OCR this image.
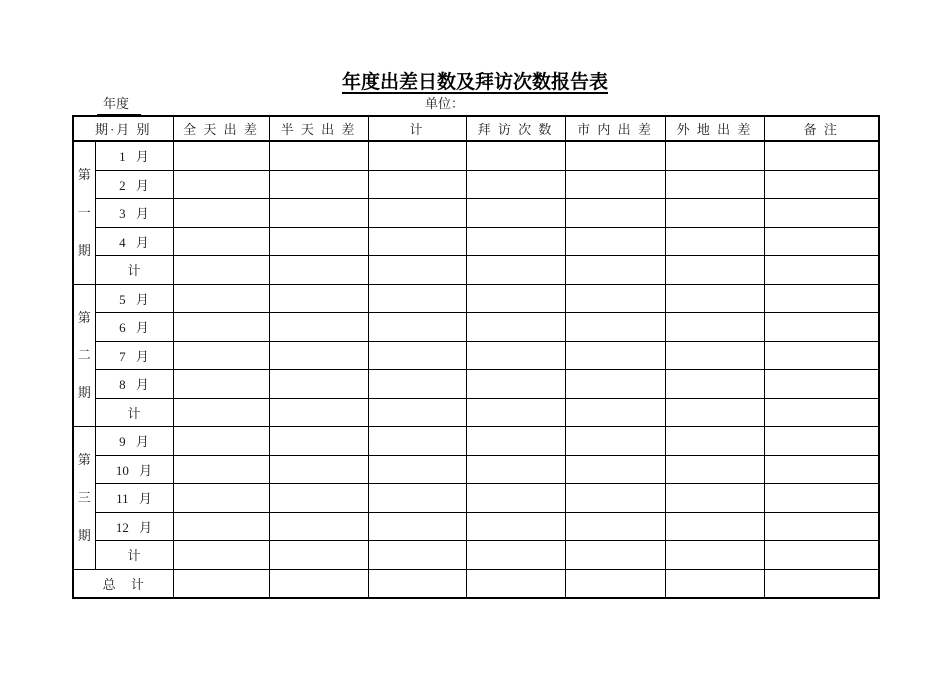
年度出差日数及拜访次数报告表
年度	单位：
期·月 别		全 天 出 差	半 天 出 差	计	拜 访 次 数	市 内 出 差	外 地 出 差	备 注

第一期	1 月							
	2 月							
	3 月							
	4 月							
	计							

第二期	5 月							
	6 月							
	7 月							
	8 月							
	计							

第三期	9 月							
	10 月							
	11 月							
	12 月							
	计							
总 计								
